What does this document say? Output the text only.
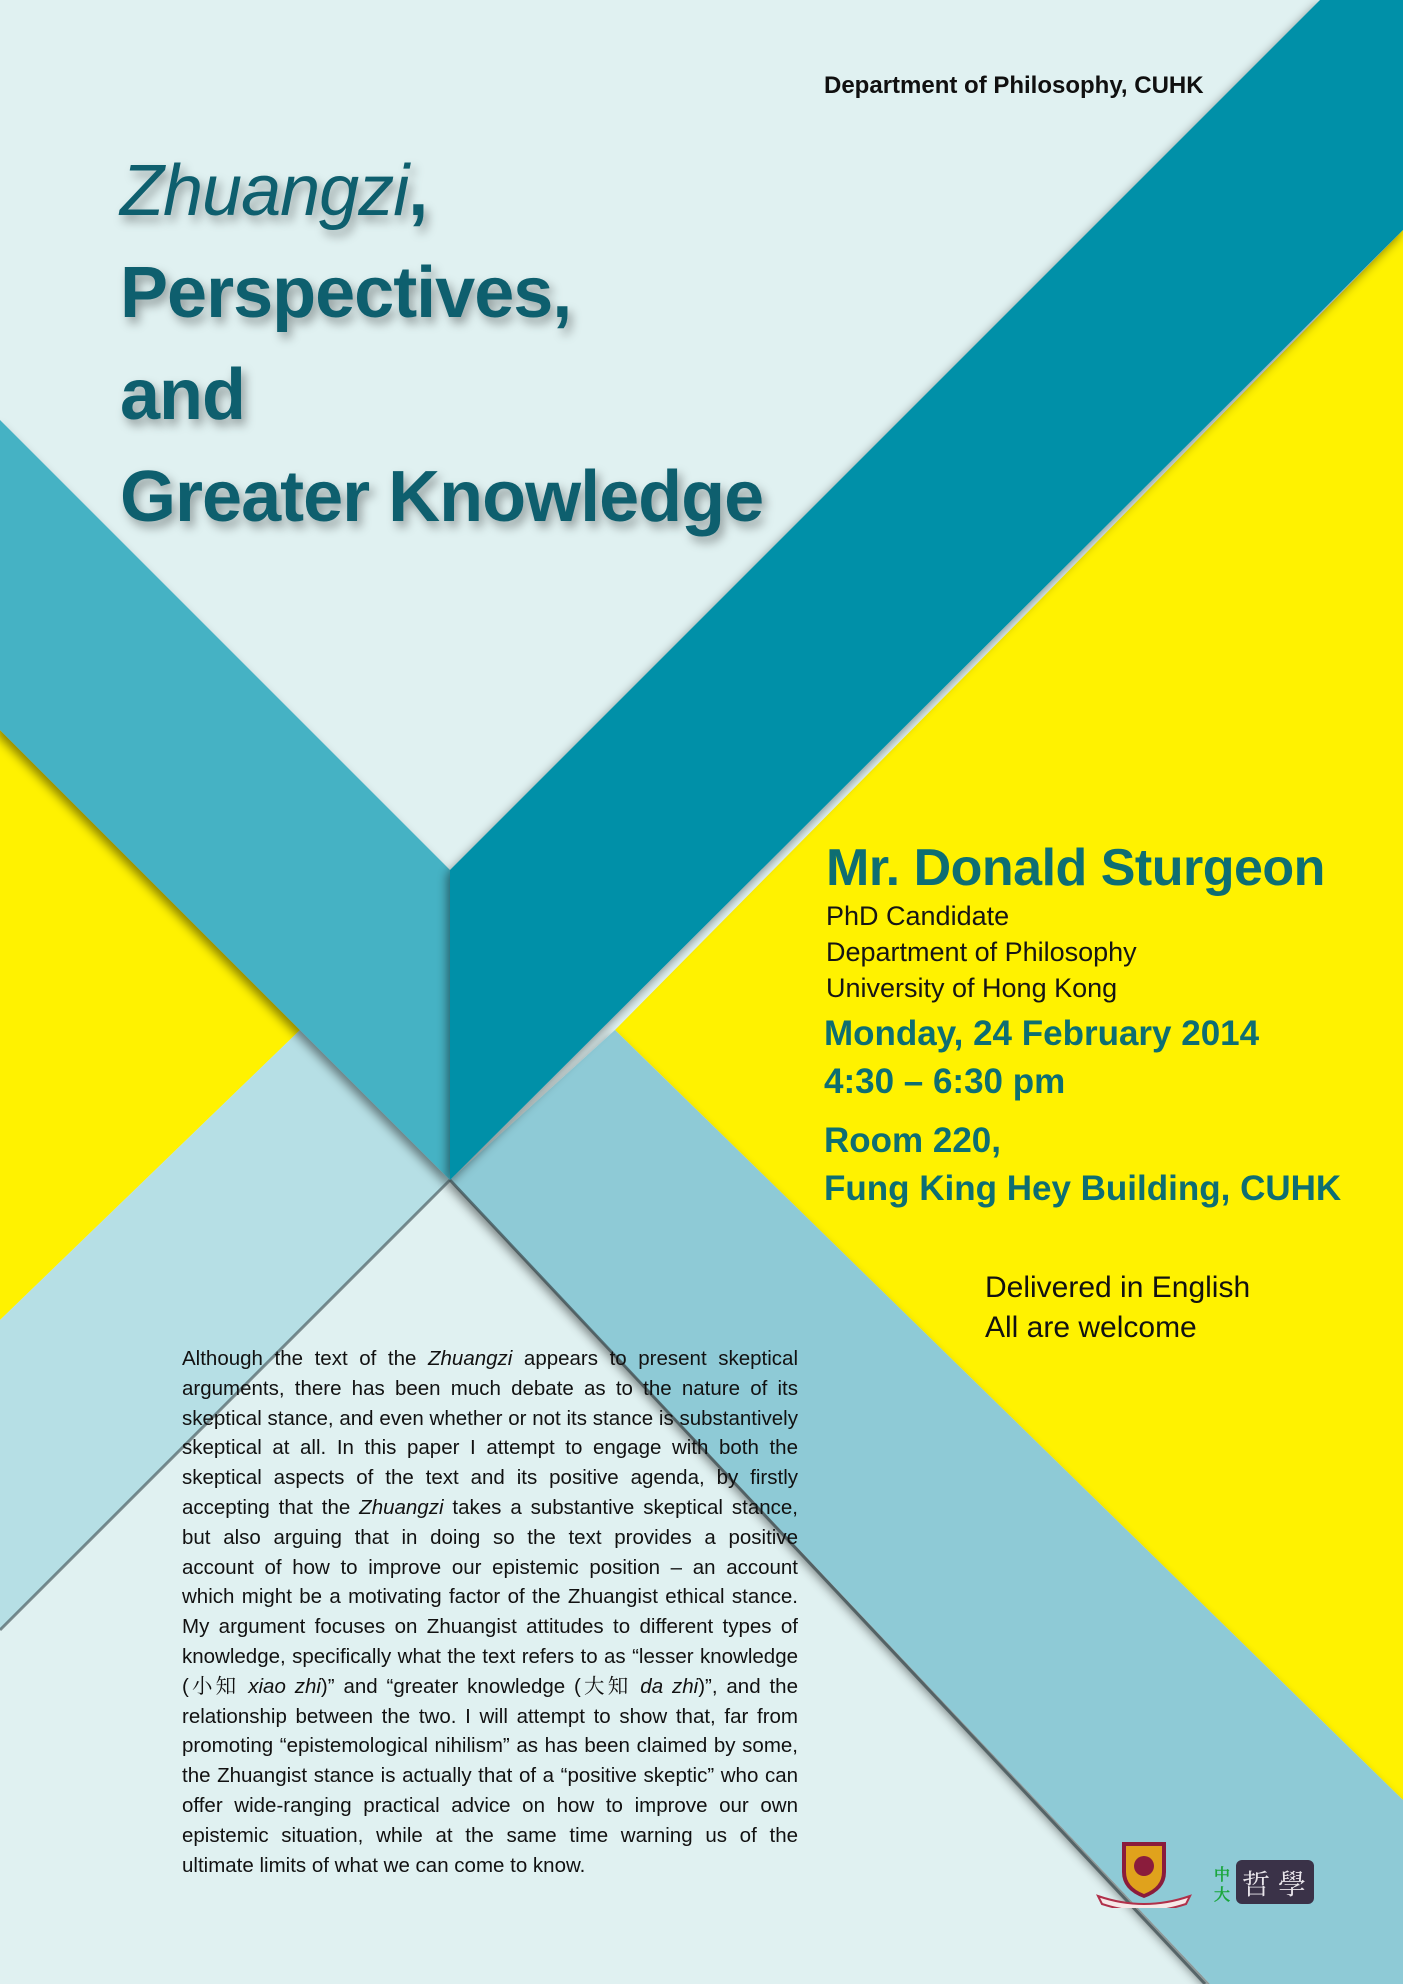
Department of Philosophy, CUHK
Zhuangzi,
Perspectives,
and
Greater Knowledge
Mr. Donald Sturgeon
PhD Candidate
Department of Philosophy
University of Hong Kong
Monday, 24 February 2014
4:30 – 6:30 pm
Room 220,
Fung King Hey Building, CUHK
Delivered in English
All are welcome
Although the text of the Zhuangzi appears to present skeptical arguments, there has been much debate as to the nature of its skeptical stance, and even whether or not its stance is substantively skeptical at all. In this paper I attempt to engage with both the skeptical aspects of the text and its positive agenda, by firstly accepting that the Zhuangzi takes a substantive skeptical stance, but also arguing that in doing so the text provides a positive account of how to improve our epistemic position – an account which might be a motivating factor of the Zhuangist ethical stance. My argument focuses on Zhuangist attitudes to different types of knowledge, specifically what the text refers to as “lesser knowledge (小知 xiao zhi)” and “greater knowledge (大知 da zhi)”, and the relationship between the two. I will attempt to show that, far from promoting “epistemological nihilism” as has been claimed by some, the Zhuangist stance is actually that of a “positive skeptic” who can offer wide-ranging practical advice on how to improve our own epistemic situation, while at the same time warning us of the ultimate limits of what we can come to know.	中
大 哲 學
